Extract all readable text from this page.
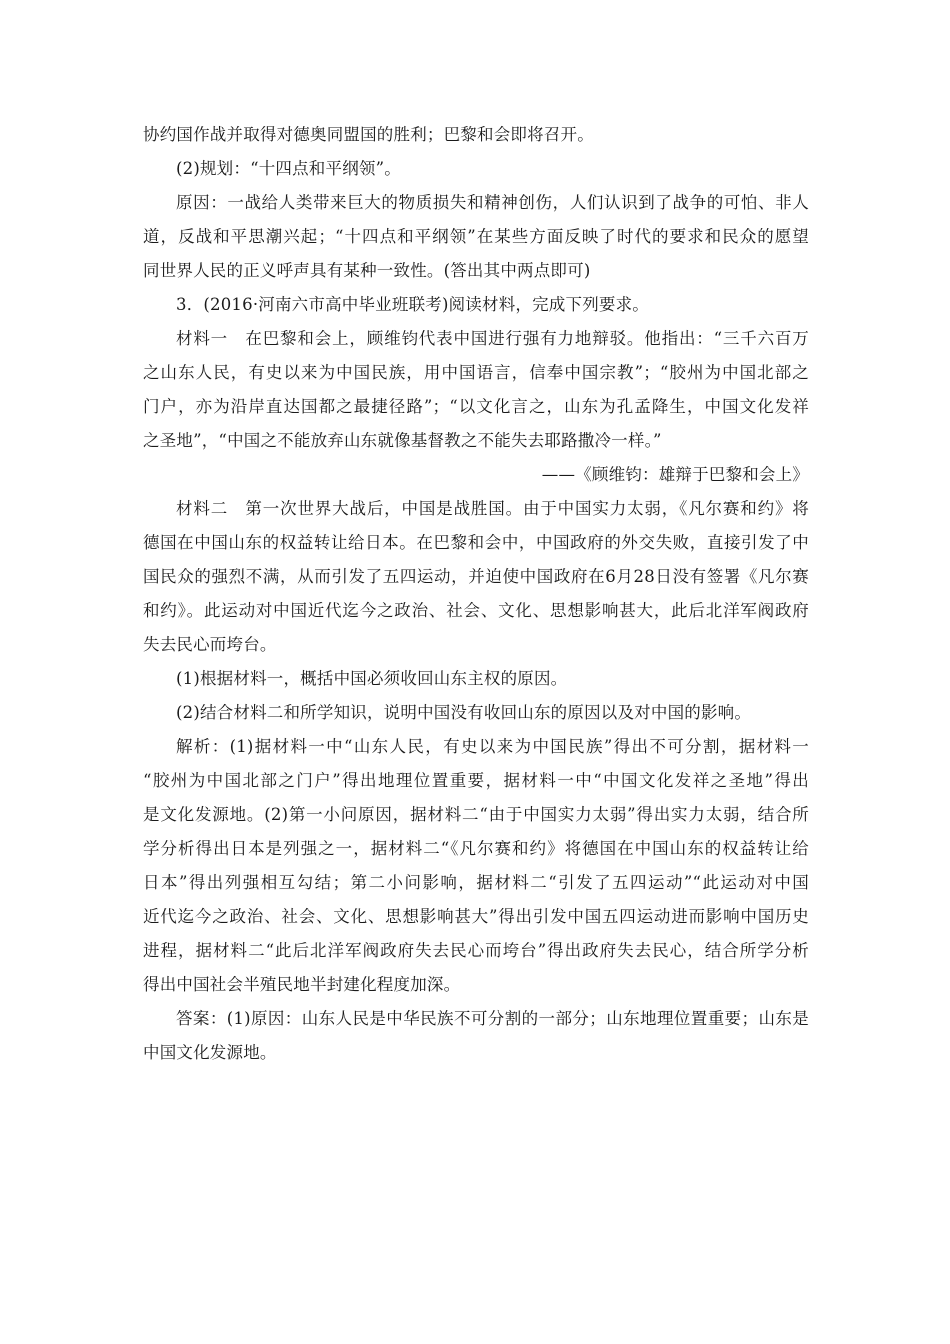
协约国作战并取得对德奥同盟国的胜利；巴黎和会即将召开。
(2)规划：“十四点和平纲领”。
原因：一战给人类带来巨大的物质损失和精神创伤，人们认识到了战争的可怕、非人
道，反战和平思潮兴起；“十四点和平纲领”在某些方面反映了时代的要求和民众的愿望
同世界人民的正义呼声具有某种一致性。(答出其中两点即可)
3．(2016·河南六市高中毕业班联考)阅读材料，完成下列要求。
材料一　在巴黎和会上，顾维钧代表中国进行强有力地辩驳。他指出：“三千六百万
之山东人民，有史以来为中国民族，用中国语言，信奉中国宗教”；“胶州为中国北部之
门户，亦为沿岸直达国都之最捷径路”；“以文化言之，山东为孔孟降生，中国文化发祥
之圣地”，“中国之不能放弃山东就像基督教之不能失去耶路撒冷一样。”
——《顾维钧：雄辩于巴黎和会上》
材料二　第一次世界大战后，中国是战胜国。由于中国实力太弱，《凡尔赛和约》将
德国在中国山东的权益转让给日本。在巴黎和会中，中国政府的外交失败，直接引发了中
国民众的强烈不满，从而引发了五四运动，并迫使中国政府在6月28日没有签署《凡尔赛
和约》。此运动对中国近代迄今之政治、社会、文化、思想影响甚大，此后北洋军阀政府
失去民心而垮台。
(1)根据材料一，概括中国必须收回山东主权的原因。
(2)结合材料二和所学知识，说明中国没有收回山东的原因以及对中国的影响。
解析：(1)据材料一中“山东人民，有史以来为中国民族”得出不可分割，据材料一
“胶州为中国北部之门户”得出地理位置重要，据材料一中“中国文化发祥之圣地”得出
是文化发源地。(2)第一小问原因，据材料二“由于中国实力太弱”得出实力太弱，结合所
学分析得出日本是列强之一，据材料二“《凡尔赛和约》将德国在中国山东的权益转让给
日本”得出列强相互勾结；第二小问影响，据材料二“引发了五四运动”“此运动对中国
近代迄今之政治、社会、文化、思想影响甚大”得出引发中国五四运动进而影响中国历史
进程，据材料二“此后北洋军阀政府失去民心而垮台”得出政府失去民心，结合所学分析
得出中国社会半殖民地半封建化程度加深。
答案：(1)原因：山东人民是中华民族不可分割的一部分；山东地理位置重要；山东是
中国文化发源地。
